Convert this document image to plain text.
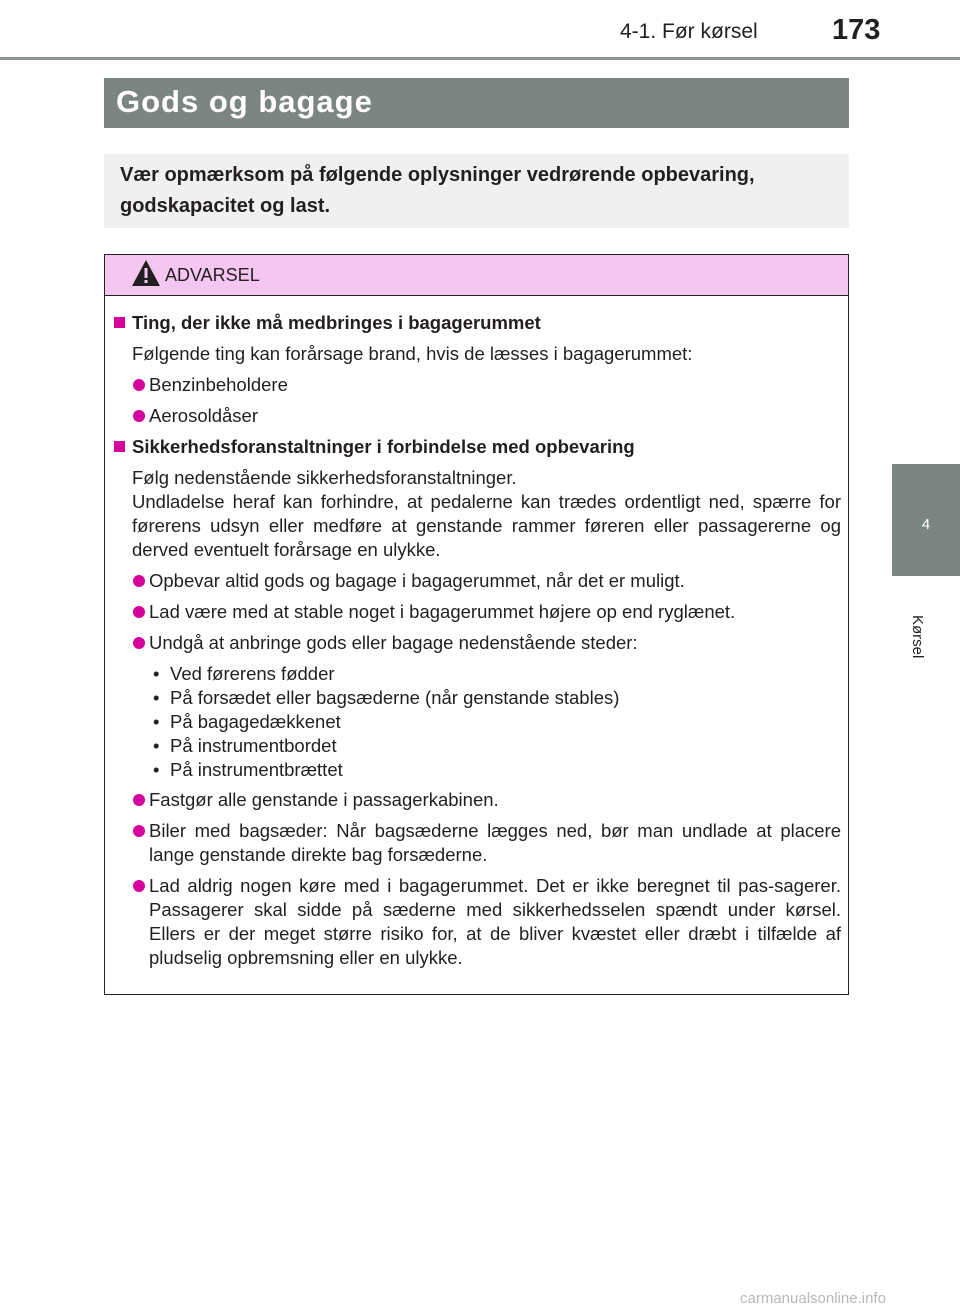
4-1. Før kørsel	173
4
Kørsel
Gods og bagage
Vær opmærksom på følgende oplysninger vedrørende opbevaring, godskapacitet og last.
ADVARSEL
Ting, der ikke må medbringes i bagagerummet
Følgende ting kan forårsage brand, hvis de læsses i bagagerummet:
Benzinbeholdere
Aerosoldåser
Sikkerhedsforanstaltninger i forbindelse med opbevaring
Følg nedenstående sikkerhedsforanstaltninger.
Undladelse heraf kan forhindre, at pedalerne kan trædes ordentligt ned, spærre for førerens udsyn eller medføre at genstande rammer føreren eller passagererne og derved eventuelt forårsage en ulykke.
Opbevar altid gods og bagage i bagagerummet, når det er muligt.
Lad være med at stable noget i bagagerummet højere op end ryglænet.
Undgå at anbringe gods eller bagage nedenstående steder:
• Ved førerens fødder
• På forsædet eller bagsæderne (når genstande stables)
• På bagagedækkenet
• På instrumentbordet
• På instrumentbrættet
Fastgør alle genstande i passagerkabinen.
Biler med bagsæder: Når bagsæderne lægges ned, bør man undlade at placere lange genstande direkte bag forsæderne.
Lad aldrig nogen køre med i bagagerummet. Det er ikke beregnet til pas-sagerer. Passagerer skal sidde på sæderne med sikkerhedsselen spændt under kørsel. Ellers er der meget større risiko for, at de bliver kvæstet eller dræbt i tilfælde af pludselig opbremsning eller en ulykke.
carmanualsonline.info
